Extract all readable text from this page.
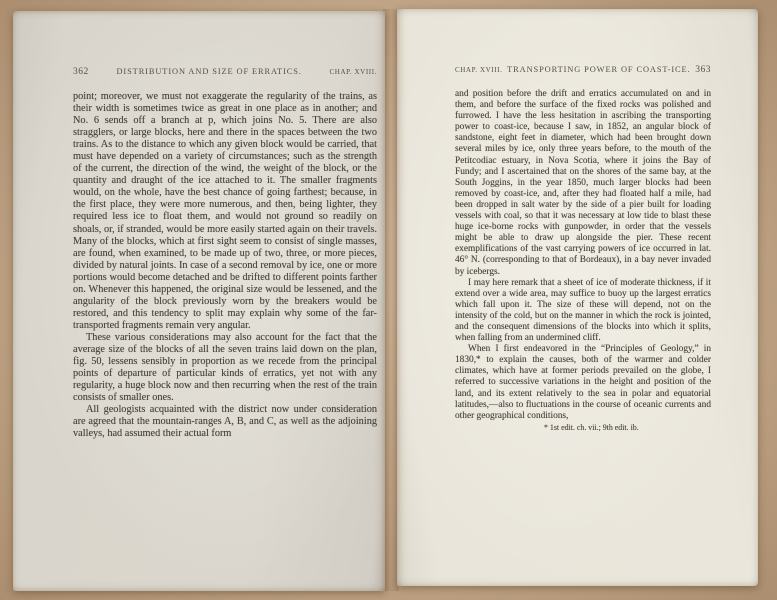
362	DISTRIBUTION AND SIZE OF ERRATICS.	CHAP. XVIII.

point; moreover, we must not exaggerate the regularity of the trains, as their width is sometimes twice as great in one place as in another; and No. 6 sends off a branch at p, which joins No. 5. There are also stragglers, or large blocks, here and there in the spaces between the two trains. As to the distance to which any given block would be carried, that must have depended on a variety of circumstances; such as the strength of the current, the direction of the wind, the weight of the block, or the quantity and draught of the ice attached to it. The smaller fragments would, on the whole, have the best chance of going farthest; because, in the first place, they were more numerous, and then, being lighter, they required less ice to float them, and would not ground so readily on shoals, or, if stranded, would be more easily started again on their travels. Many of the blocks, which at first sight seem to consist of single masses, are found, when examined, to be made up of two, three, or more pieces, divided by natural joints. In case of a second removal by ice, one or more portions would become detached and be drifted to different points farther on. Whenever this happened, the original size would be lessened, and the angularity of the block previously worn by the breakers would be restored, and this tendency to split may explain why some of the far-transported fragments remain very angular.

These various considerations may also account for the fact that the average size of the blocks of all the seven trains laid down on the plan, fig. 50, lessens sensibly in proportion as we recede from the principal points of departure of particular kinds of erratics, yet not with any regularity, a huge block now and then recurring when the rest of the train consists of smaller ones.

All geologists acquainted with the district now under consideration are agreed that the mountain-ranges A, B, and C, as well as the adjoining valleys, had assumed their actual form

CHAP. XVIII. TRANSPORTING POWER OF COAST-ICE. 363

and position before the drift and erratics accumulated on and in them, and before the surface of the fixed rocks was polished and furrowed. I have the less hesitation in ascribing the transporting power to coast-ice, because I saw, in 1852, an angular block of sandstone, eight feet in diameter, which had been brought down several miles by ice, only three years before, to the mouth of the Petitcodiac estuary, in Nova Scotia, where it joins the Bay of Fundy; and I ascertained that on the shores of the same bay, at the South Joggins, in the year 1850, much larger blocks had been removed by coast-ice, and, after they had floated half a mile, had been dropped in salt water by the side of a pier built for loading vessels with coal, so that it was necessary at low tide to blast these huge ice-borne rocks with gunpowder, in order that the vessels might be able to draw up alongside the pier. These recent exemplifications of the vast carrying powers of ice occurred in lat. 46° N. (corresponding to that of Bordeaux), in a bay never invaded by icebergs.

I may here remark that a sheet of ice of moderate thickness, if it extend over a wide area, may suffice to buoy up the largest erratics which fall upon it. The size of these will depend, not on the intensity of the cold, but on the manner in which the rock is jointed, and the consequent dimensions of the blocks into which it splits, when falling from an undermined cliff.

When I first endeavored in the “Principles of Geology,” in 1830,* to explain the causes, both of the warmer and colder climates, which have at former periods prevailed on the globe, I referred to successive variations in the height and position of the land, and its extent relatively to the sea in polar and equatorial latitudes,—also to fluctuations in the course of oceanic currents and other geographical conditions,

* 1st edit. ch. vii.; 9th edit. ib.
